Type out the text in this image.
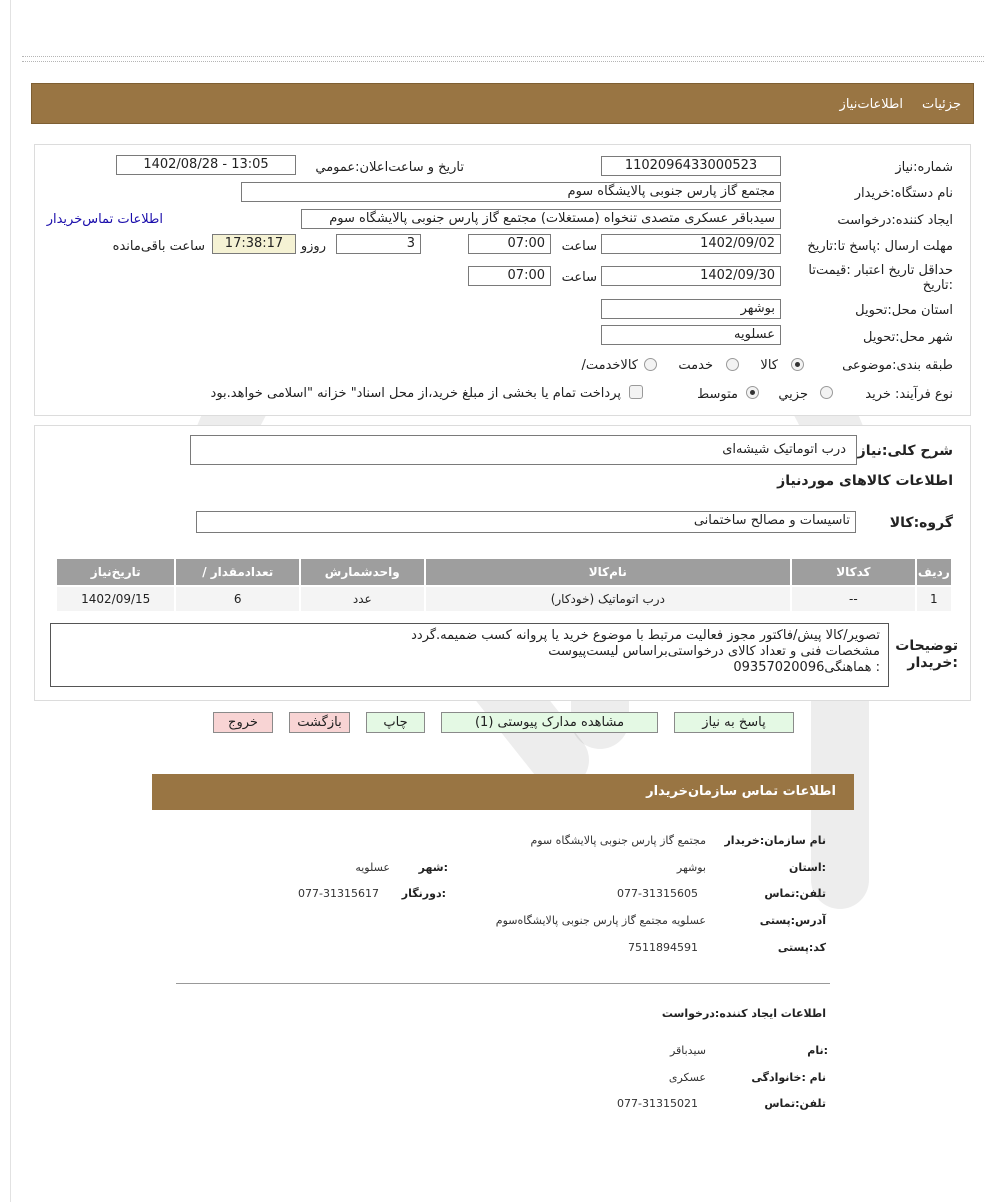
جزئیات
اطلاعات‌نیاز
شماره:نیاز
1102096433000523
تاریخ و ساعت‌اعلان:عمومي
1402/08/28 - 13:05
نام دستگاه:خریدار
مجتمع گاز پارس جنوبی پالایشگاه سوم
ایجاد کننده:درخواست
سیدباقر عسکری متصدی تنخواه (مستغلات) مجتمع گاز پارس جنوبی پالایشگاه سوم
اطلاعات تماس‌خریدار
مهلت ارسال :پاسخ تا:تاریخ
1402/09/02
ساعت
07:00
3
روزو
17:38:17
ساعت باقی‌مانده
حداقل تاریخ اعتبار :قیمت‌تا :تاریخ
1402/09/30
ساعت
07:00
استان محل:تحویل
بوشهر
شهر محل:تحویل
عسلویه
طبقه بندی:موضوعی
کالا
خدمت
/کالاخدمت
نوع فرآیند: خرید
جزیي
متوسط
پرداخت تمام یا بخشی از مبلغ خرید،از محل اسناد" خزانه "اسلامی خواهد.بود
شرح کلی:نیاز
درب اتوماتیک شیشه‌ای
اطلاعات کالاهای مورد‌نیاز
گروه:کالا
تاسیسات و مصالح ساختمانی
تاریخ‌نیاز	/ تعدادمقدار	واحدشمارش	نام‌کالا	کدکالا	ردیف
1402/09/15	6	عدد	درب اتوماتیک (خودکار)	--	1
توضیحات :خریدار
تصویر/کالا پیش/فاکتور مجوز فعالیت مرتبط با موضوع خرید یا پروانه کسب ضمیمه.گردد
مشخصات فنی و تعداد کالای درخواستی‌براساس لیست‌پیوست
: هماهنگی09357020096
پاسخ به نیاز
مشاهده مدارک پیوستی (1)
چاپ
بازگشت
خروج
اطلاعات تماس سازمان‌خریدار
نام سازمان:خریدار
مجتمع گاز پارس جنوبی پالایشگاه سوم
:استان
بوشهر
:شهر
عسلویه
تلفن:تماس
077-31315605
:دورنگار
077-31315617
آدرس:پستی
عسلویه مجتمع گاز پارس جنوبی پالایشگاه‌سوم
کد:پستی
7511894591
اطلاعات ایجاد کننده:درخواست
:نام
سیدباقر
نام :خانوادگی
عسکری
تلفن:تماس
077-31315021
